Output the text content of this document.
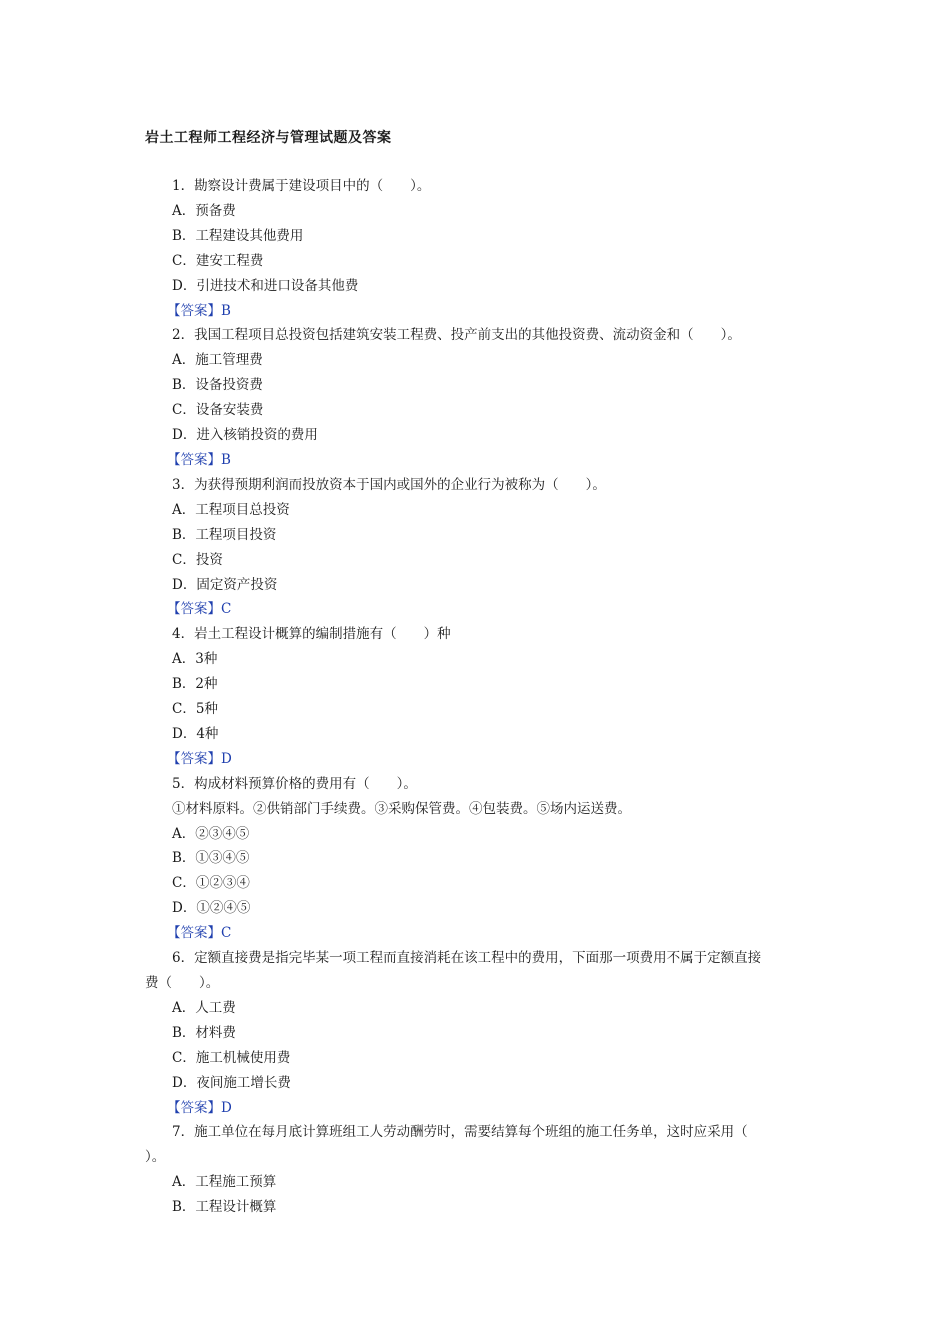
岩土工程师工程经济与管理试题及答案
1．勘察设计费属于建设项目中的（　　）。
A．预备费
B．工程建设其他费用
C．建安工程费
D．引进技术和进口设备其他费
【答案】B
2．我国工程项目总投资包括建筑安装工程费、投产前支出的其他投资费、流动资金和（　　）。
A．施工管理费
B．设备投资费
C．设备安装费
D．进入核销投资的费用
【答案】B
3．为获得预期利润而投放资本于国内或国外的企业行为被称为（　　）。
A．工程项目总投资
B．工程项目投资
C．投资
D．固定资产投资
【答案】C
4．岩土工程设计概算的编制措施有（　　）种
A．3种
B．2种
C．5种
D．4种
【答案】D
5．构成材料预算价格的费用有（　　）。
①材料原料。②供销部门手续费。③采购保管费。④包装费。⑤场内运送费。
A．②③④⑤
B．①③④⑤
C．①②③④
D．①②④⑤
【答案】C
6．定额直接费是指完毕某一项工程而直接消耗在该工程中的费用，下面那一项费用不属于定额直接
费（　　）。
A．人工费
B．材料费
C．施工机械使用费
D．夜间施工增长费
【答案】D
7．施工单位在每月底计算班组工人劳动酬劳时，需要结算每个班组的施工任务单，这时应采用（
）。
A．工程施工预算
B．工程设计概算
